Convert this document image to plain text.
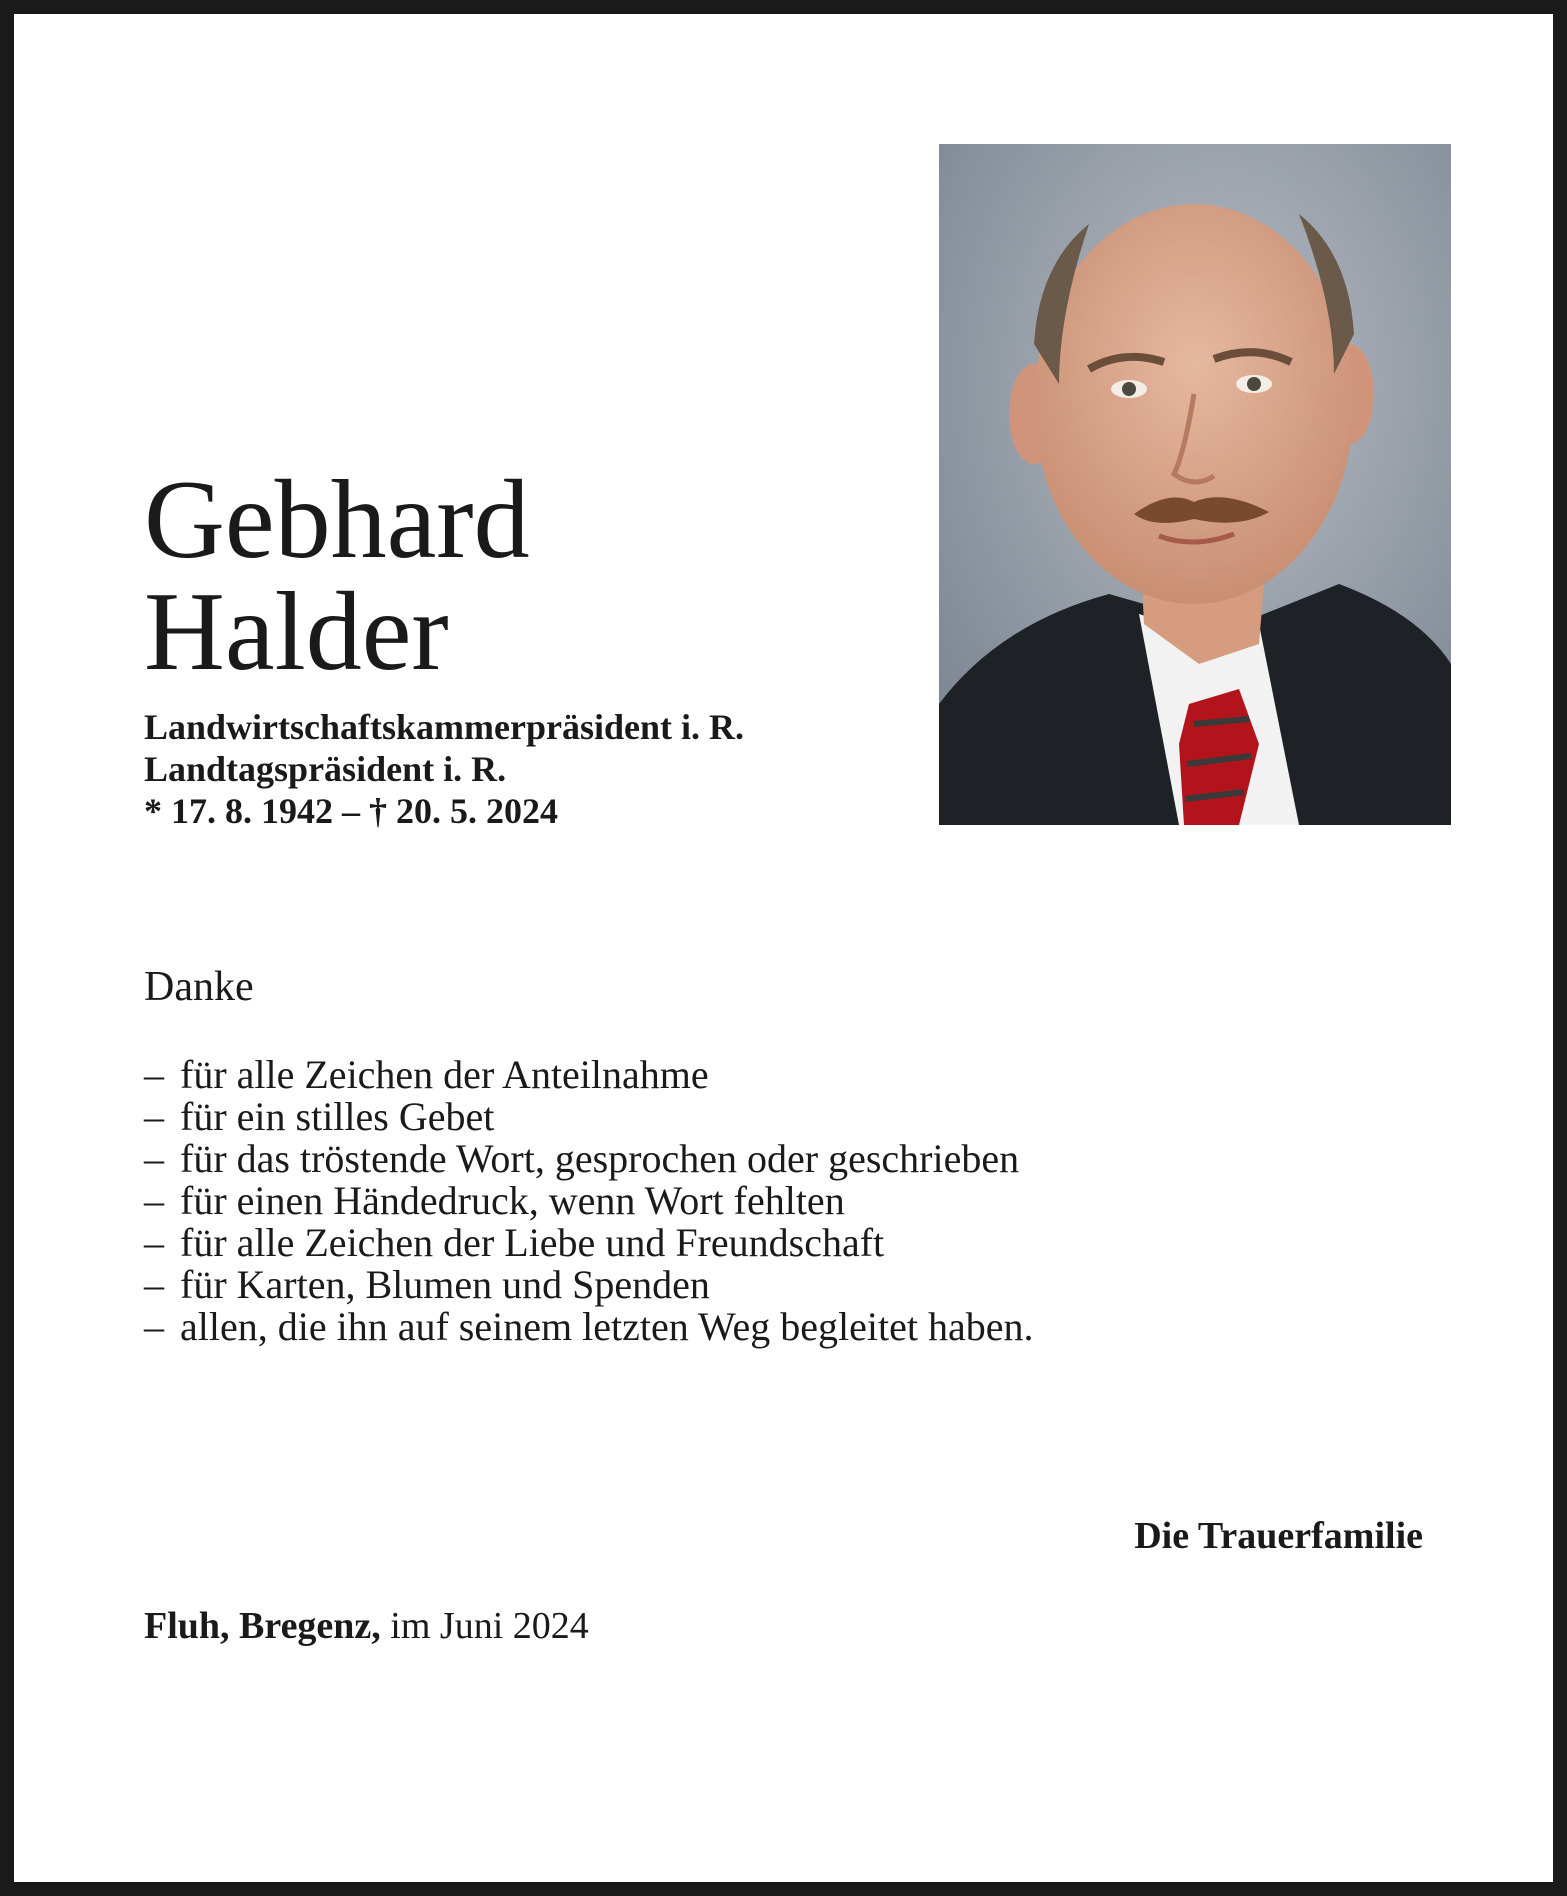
Gebhard
Halder
Landwirtschaftskammerpräsident i. R.
Landtagspräsident i. R.
* 17. 8. 1942 – † 20. 5. 2024
Danke
– für alle Zeichen der Anteilnahme
– für ein stilles Gebet
– für das tröstende Wort, gesprochen oder geschrieben
– für einen Händedruck, wenn Wort fehlten
– für alle Zeichen der Liebe und Freundschaft
– für Karten, Blumen und Spenden
– allen, die ihn auf seinem letzten Weg begleitet haben.
Die Trauerfamilie
Fluh, Bregenz, im Juni 2024
